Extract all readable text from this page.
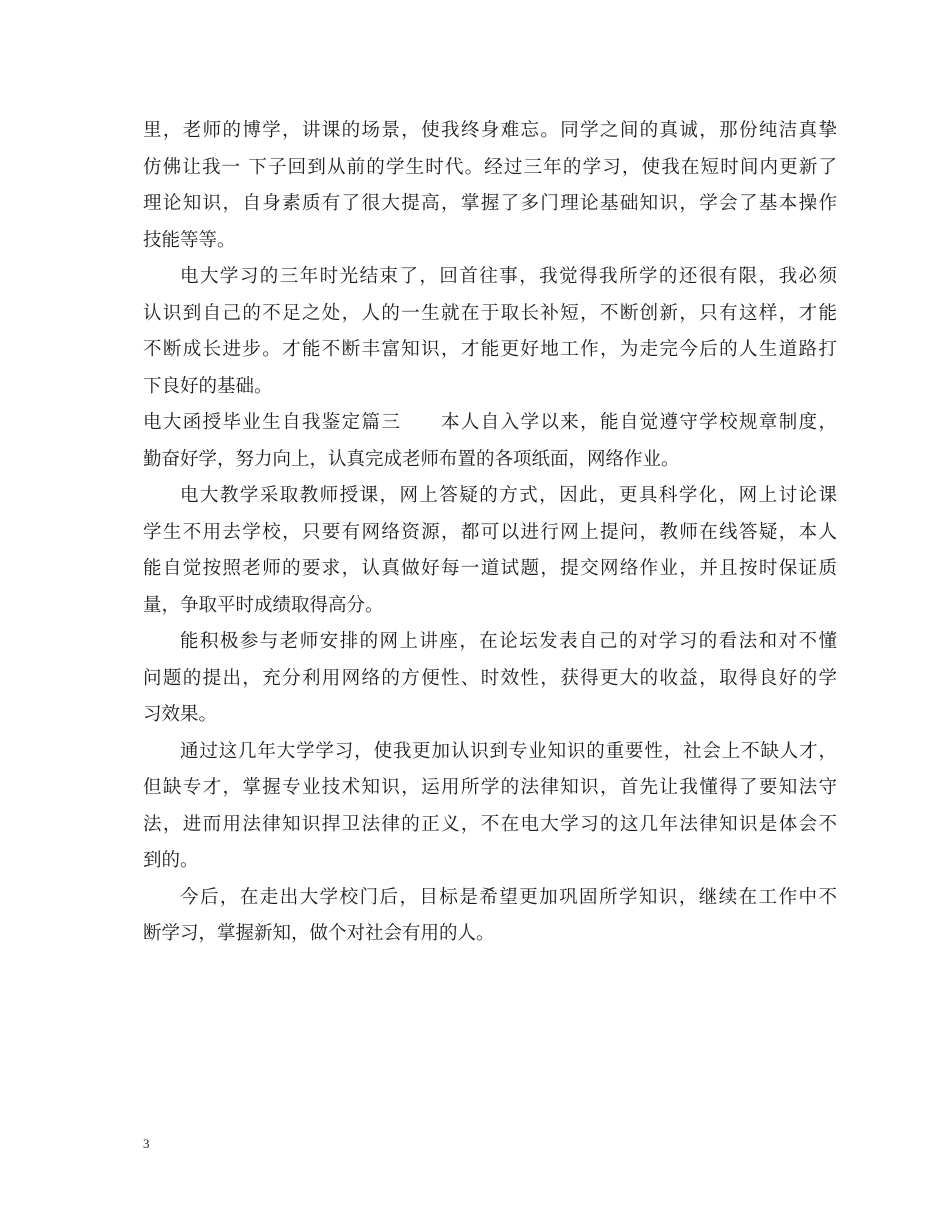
里，老师的博学，讲课的场景，使我终身难忘。同学之间的真诚，那份纯洁真挚
仿佛让我一 下子回到从前的学生时代。经过三年的学习，使我在短时间内更新了
理论知识，自身素质有了很大提高，掌握了多门理论基础知识，学会了基本操作
技能等等。
电大学习的三年时光结束了，回首往事，我觉得我所学的还很有限，我必须
认识到自己的不足之处，人的一生就在于取长补短，不断创新，只有这样，才能
不断成长进步。才能不断丰富知识，才能更好地工作，为走完今后的人生道路打
下良好的基础。
电大函授毕业生自我鉴定篇三　　本人自入学以来，能自觉遵守学校规章制度，
勤奋好学，努力向上，认真完成老师布置的各项纸面，网络作业。
电大教学采取教师授课，网上答疑的方式，因此，更具科学化，网上讨论课
学生不用去学校，只要有网络资源，都可以进行网上提问，教师在线答疑，本人
能自觉按照老师的要求，认真做好每一道试题，提交网络作业，并且按时保证质
量，争取平时成绩取得高分。
能积极参与老师安排的网上讲座，在论坛发表自己的对学习的看法和对不懂
问题的提出，充分利用网络的方便性、时效性，获得更大的收益，取得良好的学
习效果。
通过这几年大学学习，使我更加认识到专业知识的重要性，社会上不缺人才，
但缺专才，掌握专业技术知识，运用所学的法律知识，首先让我懂得了要知法守
法，进而用法律知识捍卫法律的正义，不在电大学习的这几年法律知识是体会不
到的。
今后，在走出大学校门后，目标是希望更加巩固所学知识，继续在工作中不
断学习，掌握新知，做个对社会有用的人。
3
